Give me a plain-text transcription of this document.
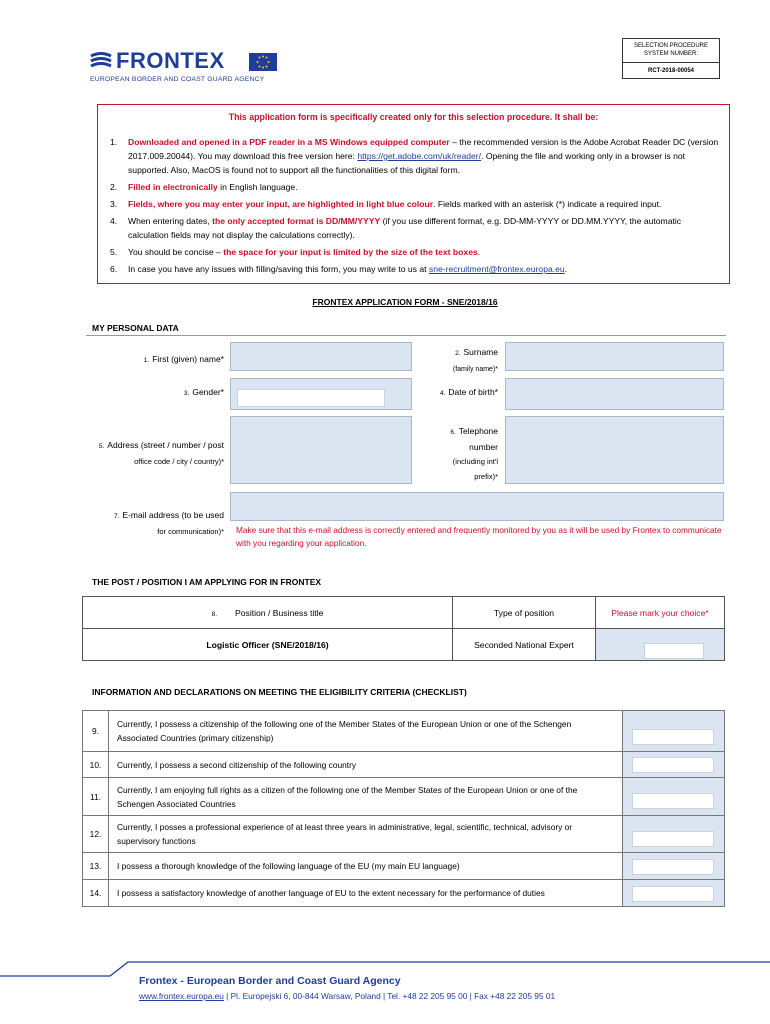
FRONTEX
EUROPEAN BORDER AND COAST GUARD AGENCY
SELECTION PROCEDURE SYSTEM NUMBER:
RCT-2018-00054
This application form is specifically created only for this selection procedure. It shall be:
1.	Downloaded and opened in a PDF reader in a MS Windows equipped computer – the recommended version is the Adobe Acrobat Reader DC (version 2017.009.20044). You may download this free version here: https://get.adobe.com/uk/reader/. Opening the file and working only in a browser is not supported. Also, MacOS is found not to support all the functionalities of this digital form.
2.	Filled in electronically in English language.
3.	Fields, where you may enter your input, are highlighted in light blue colour. Fields marked with an asterisk (*) indicate a required input.
4.	When entering dates, the only accepted format is DD/MM/YYYY (if you use different format, e.g. DD-MM-YYYY or DD.MM.YYYY, the automatic calculation fields may not display the calculations correctly).
5.	You should be concise – the space for your input is limited by the size of the text boxes.
6.	In case you have any issues with filling/saving this form, you may write to us at sne-recruitment@frontex.europa.eu.
FRONTEX APPLICATION FORM - SNE/2018/16
MY PERSONAL DATA
1. First (given) name*
2. Surname
(family name)*
3. Gender*	4. Date of birth*
5. Address (street / number / post
office code / city / country)*
6. Telephone
number
(including int'l
prefix)*
7. E-mail address (to be used
for communication)* Make sure that this e-mail address is correctly entered and frequently monitored by you as it will be used by Frontex to communicate with you regarding your application.
THE POST / POSITION I AM APPLYING FOR IN FRONTEX
8. Position / Business title	Type of position	Please mark your choice*
Logistic Officer (SNE/2018/16)	Seconded National Expert	
INFORMATION AND DECLARATIONS ON MEETING THE ELIGIBILITY CRITERIA (CHECKLIST)
9.	Currently, I possess a citizenship of the following one of the Member States of the European Union or one of the Schengen Associated Countries (primary citizenship)	

10.	Currently, I possess a second citizenship of the following country	

11.	Currently, I am enjoying full rights as a citizen of the following one of the Member States of the European Union or one of the Schengen Associated Countries	

12.	Currently, I posses a professional experience of at least three years in administrative, legal, scientific, technical, advisory or supervisory functions	

13.	I possess a thorough knowledge of the following language of the EU (my main EU language)	

14.	I possess a satisfactory knowledge of another language of EU to the extent necessary for the performance of duties	
Frontex - European Border and Coast Guard Agency
www.frontex.europa.eu | Pl. Europejski 6, 00-844 Warsaw, Poland | Tel. +48 22 205 95 00 | Fax +48 22 205 95 01
